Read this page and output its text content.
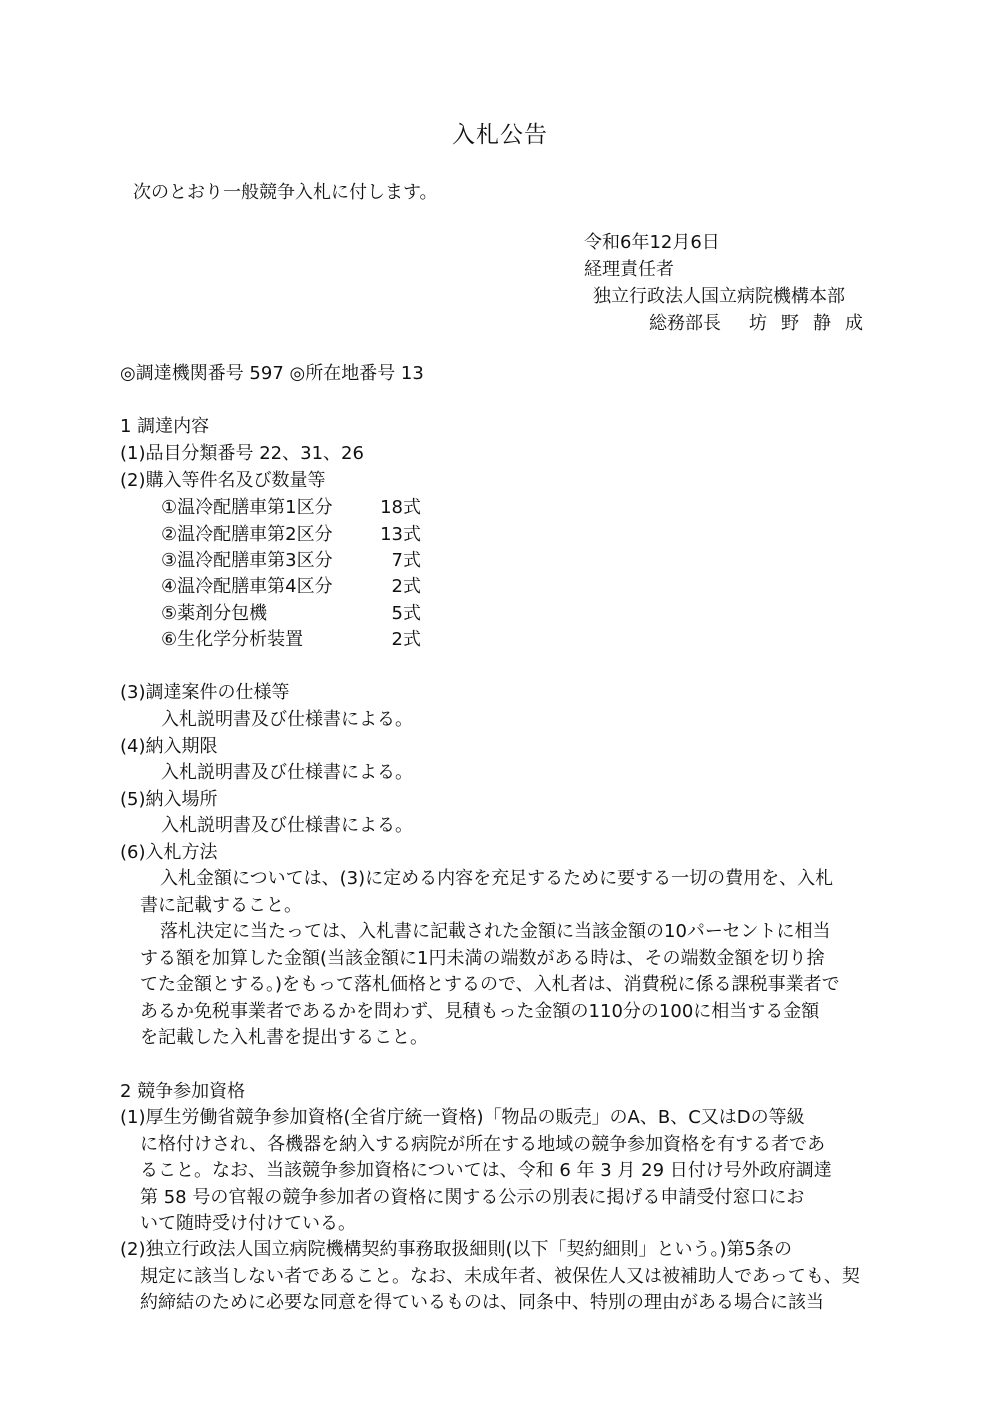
入札公告
次のとおり一般競争入札に付します。
令和6年12月6日
経理責任者
独立行政法人国立病院機構本部
総務部長 坊野静成
◎調達機関番号 597 ◎所在地番号 13
1 調達内容
(1)品目分類番号 22、31、26
(2)購入等件名及び数量等
①温冷配膳車第1区分	18式
②温冷配膳車第2区分	13式
③温冷配膳車第3区分	7式
④温冷配膳車第4区分	2式
⑤薬剤分包機	5式
⑥生化学分析装置	2式
(3)調達案件の仕様等
入札説明書及び仕様書による。
(4)納入期限
入札説明書及び仕様書による。
(5)納入場所
入札説明書及び仕様書による。
(6)入札方法
入札金額については、(3)に定める内容を充足するために要する一切の費用を、入札
書に記載すること。
落札決定に当たっては、入札書に記載された金額に当該金額の10パーセントに相当
する額を加算した金額(当該金額に1円未満の端数がある時は、その端数金額を切り捨
てた金額とする。)をもって落札価格とするので、入札者は、消費税に係る課税事業者で
あるか免税事業者であるかを問わず、見積もった金額の110分の100に相当する金額
を記載した入札書を提出すること。
2 競争参加資格
(1)厚生労働省競争参加資格(全省庁統一資格)「物品の販売」のA、B、C又はDの等級
に格付けされ、各機器を納入する病院が所在する地域の競争参加資格を有する者であ
ること。なお、当該競争参加資格については、令和 6 年 3 月 29 日付け号外政府調達
第 58 号の官報の競争参加者の資格に関する公示の別表に掲げる申請受付窓口にお
いて随時受け付けている。
(2)独立行政法人国立病院機構契約事務取扱細則(以下「契約細則」という。)第5条の
規定に該当しない者であること。なお、未成年者、被保佐人又は被補助人であっても、契
約締結のために必要な同意を得ているものは、同条中、特別の理由がある場合に該当
